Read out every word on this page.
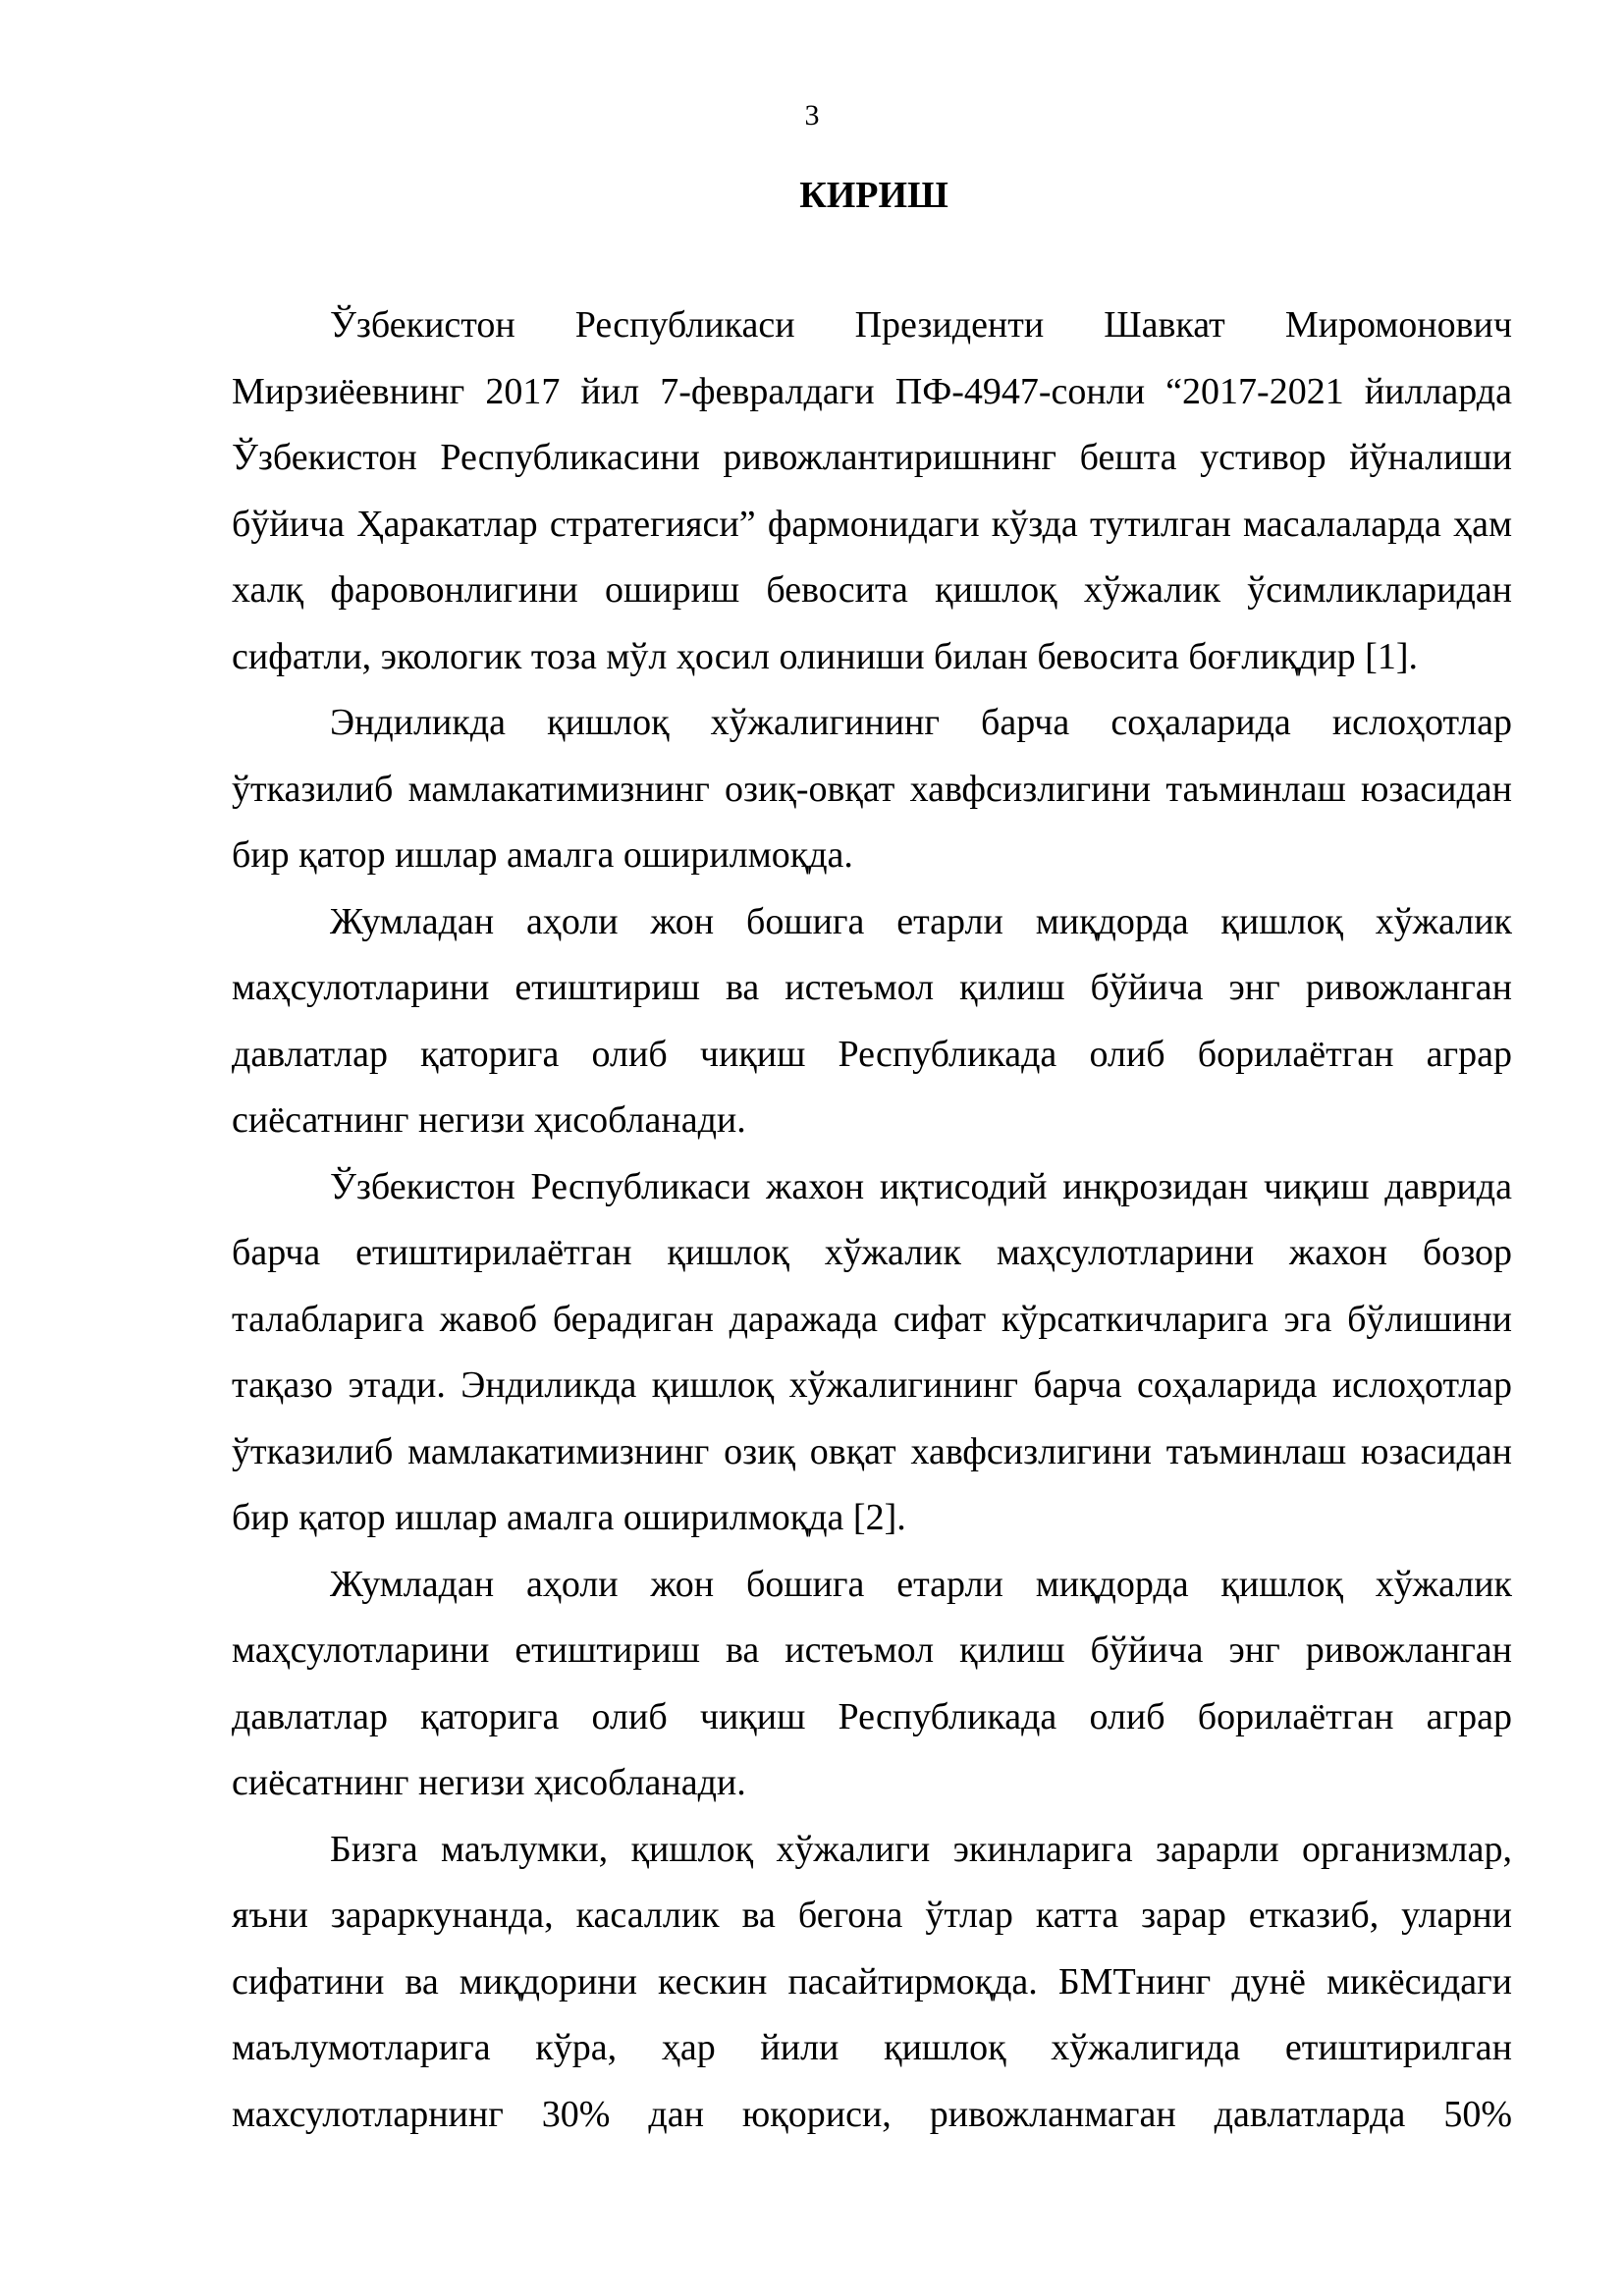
3
КИРИШ

Ўзбекистон Республикаси Президенти Шавкат Миромонович Мирзиёевнинг 2017 йил 7-февралдаги ПФ-4947-сонли “2017-2021 йилларда Ўзбекистон Республикасини ривожлантиришнинг бешта устивор йўналиши бўйича Ҳаракатлар стратегияси” фармонидаги кўзда тутилган масалаларда ҳам халқ фаровонлигини ошириш бевосита қишлоқ хўжалик ўсимликларидан сифатли, экологик тоза мўл ҳосил олиниши билан бевосита боғлиқдир [1].

Эндиликда қишлоқ хўжалигининг барча соҳаларида ислоҳотлар ўтказилиб мамлакатимизнинг озиқ-овқат хавфсизлигини таъминлаш юзасидан бир қатор ишлар амалга оширилмоқда.

Жумладан аҳоли жон бошига етарли миқдорда қишлоқ хўжалик маҳсулотларини етиштириш ва истеъмол қилиш бўйича энг ривожланган давлатлар қаторига олиб чиқиш Республикада олиб борилаётган аграр сиёсатнинг негизи ҳисобланади.

Ўзбекистон Республикаси жахон иқтисодий инқрозидан чиқиш даврида барча етиштирилаётган қишлоқ хўжалик маҳсулотларини жахон бозор талабларига жавоб берадиган даражада сифат кўрсаткичларига эга бўлишини тақазо этади. Эндиликда қишлоқ хўжалигининг барча соҳаларида ислоҳотлар ўтказилиб мамлакатимизнинг озиқ овқат хавфсизлигини таъминлаш юзасидан бир қатор ишлар амалга оширилмоқда [2].

Жумладан аҳоли жон бошига етарли миқдорда қишлоқ хўжалик маҳсулотларини етиштириш ва истеъмол қилиш бўйича энг ривожланган давлатлар қаторига олиб чиқиш Республикада олиб борилаётган аграр сиёсатнинг негизи ҳисобланади.

Бизга маълумки, қишлоқ хўжалиги экинларига зарарли организмлар, яъни зараркунанда, касаллик ва бегона ўтлар катта зарар етказиб, уларни сифатини ва миқдорини кескин пасайтирмоқда. БМТнинг дунё микёсидаги маълумотларига кўра, ҳар йили қишлоқ хўжалигида етиштирилган махсулотларнинг 30% дан юқориси, ривожланмаган давлатларда 50%
